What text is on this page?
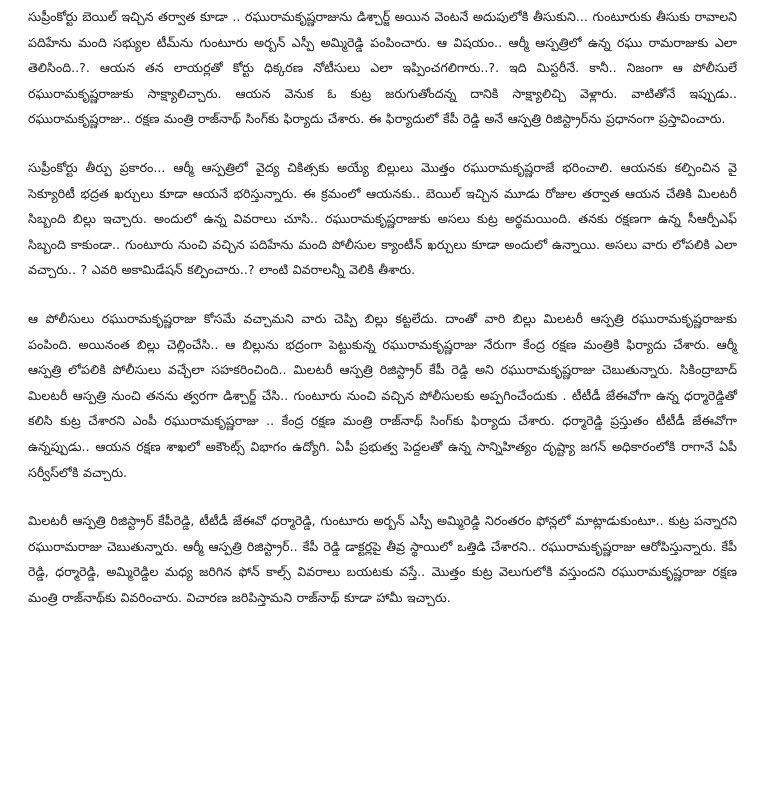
సుప్రీంకోర్టు బెయిల్ ఇచ్చిన తర్వాత కూడా .. రఘురామకృష్ణరాజును డిశ్చార్జ్ అయిన వెంటనే అదుపులోకి తీసుకుని... గుంటూరుకు తీసుకు రావాలని పదిహేను మంది సభ్యుల టీమ్‌ను గుంటూరు అర్బన్ ఎస్పీ అమ్మిరెడ్డి పంపించారు. ఆ విషయం.. ఆర్మీ ఆస్పత్రిలో ఉన్న రఘు రామరాజుకు ఎలా తెలిసింది..?. ఆయన తన లాయర్లతో కోర్టు ధిక్కరణ నోటీసులు ఎలా ఇప్పించగలిగారు..?. ఇది మిస్టరీనే. కానీ.. నిజంగా ఆ పోలీసులే రఘురామకృష్ణరాజుకు సాక్ష్యాలిచ్చారు. ఆయన వెనుక ఓ కుట్ర జరుగుతోందన్న దానికి సాక్ష్యాలిచ్చి వెళ్లారు. వాటితోనే ఇప్పుడు.. రఘురామకృష్ణరాజు.. రక్షణ మంత్రి రాజ్‌నాథ్ సింగ్‌కు ఫిర్యాదు చేశారు. ఈ ఫిర్యాదులో కేపీ రెడ్డి అనే ఆస్పత్రి రిజిస్ట్రార్‌ను ప్రధానంగా ప్రస్తావించారు.

సుప్రీంకోర్టు తీర్పు ప్రకారం... ఆర్మీ ఆస్పత్రిలో వైద్య చికిత్సకు అయ్యే బిల్లులు మొత్తం రఘురామకృష్ణరాజే భరించాలి. ఆయనకు కల్పించిన వై సెక్యూరిటీ భద్రత ఖర్చులు కూడా ఆయనే భరిస్తున్నారు. ఈ క్రమంలో ఆయనకు.. బెయిల్ ఇచ్చిన మూడు రోజుల తర్వాత ఆయన చేతికి మిలటరీ సిబ్బంది బిల్లు ఇచ్చారు. అందులో ఉన్న వివరాలు చూసి.. రఘురామకృష్ణరాజుకు అసలు కుట్ర అర్థమయింది. తనకు రక్షణగా ఉన్న సీఆర్పీఎఫ్ సిబ్బంది కాకుండా.. గుంటూరు నుంచి వచ్చిన పదిహేను మంది పోలీసుల క్యాంటీన్ ఖర్చులు కూడా అందులో ఉన్నాయి. అసలు వారు లోపలికి ఎలా వచ్చారు.. ? ఎవరి అకామిడేషన్ కల్పించారు..? లాంటి వివరాలన్నీ వెలికి తీశారు.

ఆ పోలీసులు రఘురామకృష్ణరాజు కోసమే వచ్చామని వారు చెప్పి బిల్లు కట్టలేదు. దాంతో వారి బిల్లు మిలటరీ ఆస్పత్రి రఘురామకృష్ణరాజుకు పంపింది. అయినంత బిల్లు చెల్లించేసి.. ఆ బిల్లును భద్రంగా పెట్టుకున్న రఘురామకృష్ణరాజు నేరుగా కేంద్ర రక్షణ మంత్రికి ఫిర్యాదు చేశారు. ఆర్మీ ఆస్పత్రి లోపలికి పోలీసులు వచ్చేలా సహకరించింది.. మిలటరీ ఆస్పత్రి రిజిస్ట్రార్ కేపీ రెడ్డి అని రఘురామకృష్ణరాజు చెబుతున్నారు. సికింద్రాబాద్ మిలటరీ ఆస్పత్రి నుంచి తనను త్వరగా డిశ్చార్జ్ చేసి.. గుంటూరు నుంచి వచ్చిన పోలీసులకు అప్పగించేందుకు . టీటీడీ జేఈవోగా ఉన్న ధర్మారెడ్డితో కలిసి కుట్ర చేశారని ఎంపీ రఘురామకృష్ణరాజు .. కేంద్ర రక్షణ మంత్రి రాజ్‌నాథ్ సింగ్‌కు ఫిర్యాదు చేశారు. ధర్మారెడ్డి ప్రస్తుతం టీటీడీ జేఈవోగా ఉన్నప్పుడు.. ఆయన రక్షణ శాఖలో అకౌంట్స్ విభాగం ఉద్యోగి. ఏపీ ప్రభుత్వ పెద్దలతో ఉన్న సాన్నిహిత్యం దృష్ట్యా జగన్ అధికారంలోకి రాగానే ఏపీ సర్వీస్‌లోకి వచ్చారు.

మిలటరీ ఆస్పత్రి రిజిస్ట్రార్ కేపీరెడ్డి, టీటీడీ జేఈవో ధర్మారెడ్డి, గుంటూరు అర్బన్ ఎస్పీ అమ్మిరెడ్డి నిరంతరం ఫోన్లలో మాట్లాడుకుంటూ.. కుట్ర పన్నారని రఘురామరాజు చెబుతున్నారు. ఆర్మీ ఆస్పత్రి రిజిస్ట్రార్.. కేపీ రెడ్డి డాక్టర్లపై తీవ్ర స్థాయిలో ఒత్తిడి చేశారని.. రఘురామకృష్ణరాజు ఆరోపిస్తున్నారు. కేపీ రెడ్డి, ధర్మారెడ్డి, అమ్మిరెడ్డిల మధ్య జరిగిన ఫోన్ కాల్స్ వివరాలు బయటకు వస్తే.. మొత్తం కుట్ర వెలుగులోకి వస్తుందని రఘురామకృష్ణరాజు రక్షణ మంత్రి రాజ్‌నాథ్‌కు వివరించారు. విచారణ జరిపిస్తామని రాజ్‌నాథ్ కూడా హామీ ఇచ్చారు.
